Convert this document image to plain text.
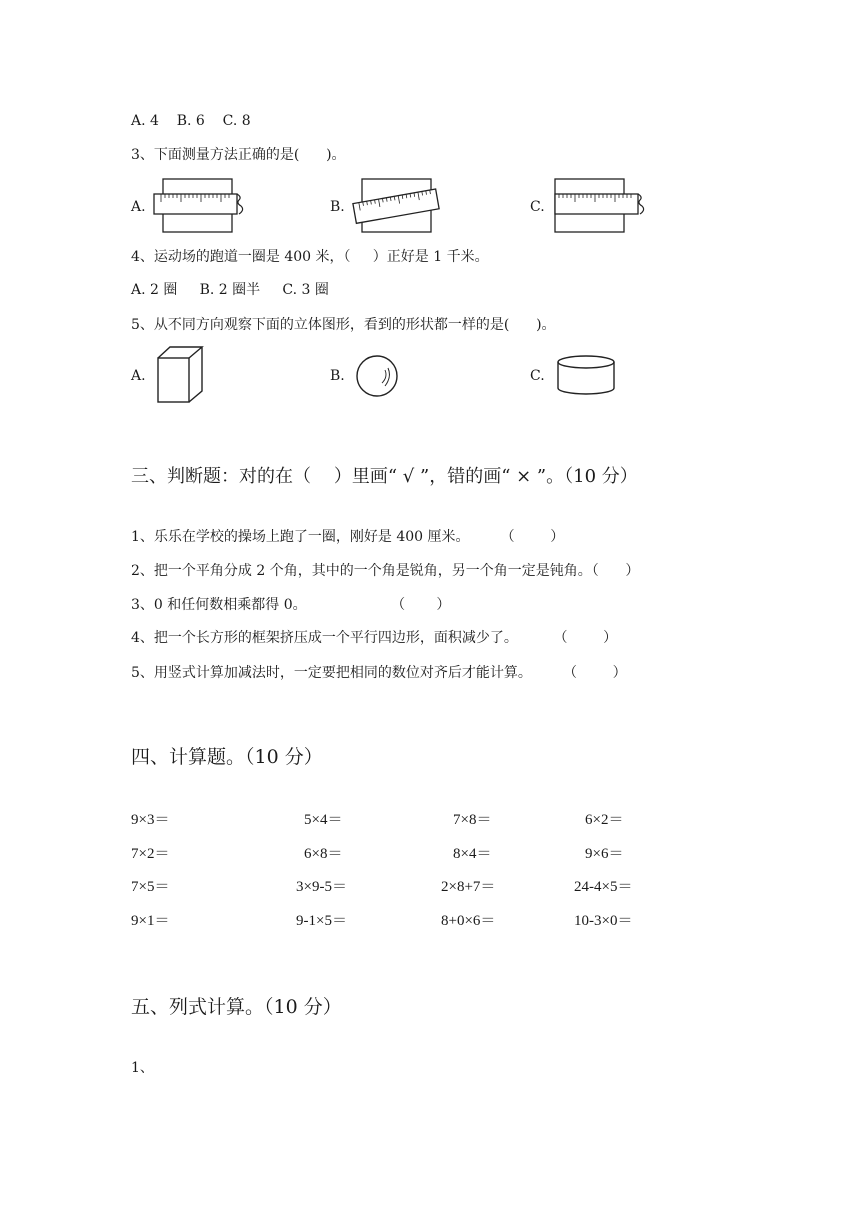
A. 4    B. 6    C. 8
3、下面测量方法正确的是(      )。
A.	B.	C.
4、运动场的跑道一圈是 400 米，（     ）正好是 1 千米。
A. 2 圈     B. 2 圈半     C. 3 圈
5、从不同方向观察下面的立体图形，看到的形状都一样的是(      )。
A.	B.	C.
三、判断题：对的在（    ）里画“ √ ”，错的画“ × ”。（10 分）
1、乐乐在学校的操场上跑了一圈，刚好是 400 厘米。       （        ）
2、把一个平角分成 2 个角，其中的一个角是锐角，另一个角一定是钝角。（      ）
3、0 和任何数相乘都得 0。                   （       ）
4、把一个长方形的框架挤压成一个平行四边形，面积减少了。        （        ）
5、用竖式计算加减法时，一定要把相同的数位对齐后才能计算。       （        ）
四、计算题。（10 分）
9×3＝	5×4＝	7×8＝	6×2＝
7×2＝	6×8＝	8×4＝	9×6＝
7×5＝	3×9-5＝	2×8+7＝	24-4×5＝
9×1＝	9-1×5＝	8+0×6＝	10-3×0＝
五、列式计算。（10 分）
1、
